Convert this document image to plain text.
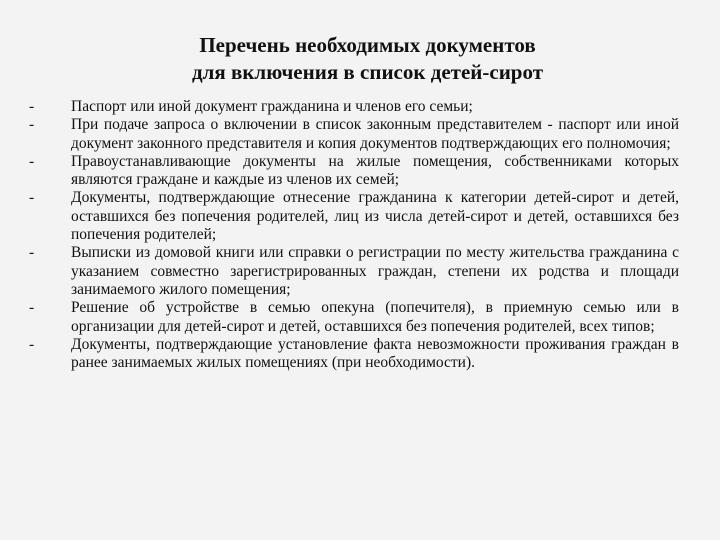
Перечень необходимых документов
для включения в список детей-сирот
- Паспорт или иной документ гражданина и членов его семьи;
- При подаче запроса о включении в список законным представителем - паспорт или иной документ законного представителя и копия документов подтверждающих его полномочия;
- Правоустанавливающие документы на жилые помещения, собственниками которых являются граждане и каждые из членов их семей;
- Документы, подтверждающие отнесение гражданина к категории детей-сирот и детей, оставшихся без попечения родителей, лиц из числа детей-сирот и детей, оставшихся без попечения родителей;
- Выписки из домовой книги или справки о регистрации по месту жительства гражданина с указанием совместно зарегистрированных граждан, степени их родства и площади занимаемого жилого помещения;
- Решение об устройстве в семью опекуна (попечителя), в приемную семью или в организации для детей-сирот и детей, оставшихся без попечения родителей, всех типов;
- Документы, подтверждающие установление факта невозможности проживания граждан в ранее занимаемых жилых помещениях (при необходимости).
